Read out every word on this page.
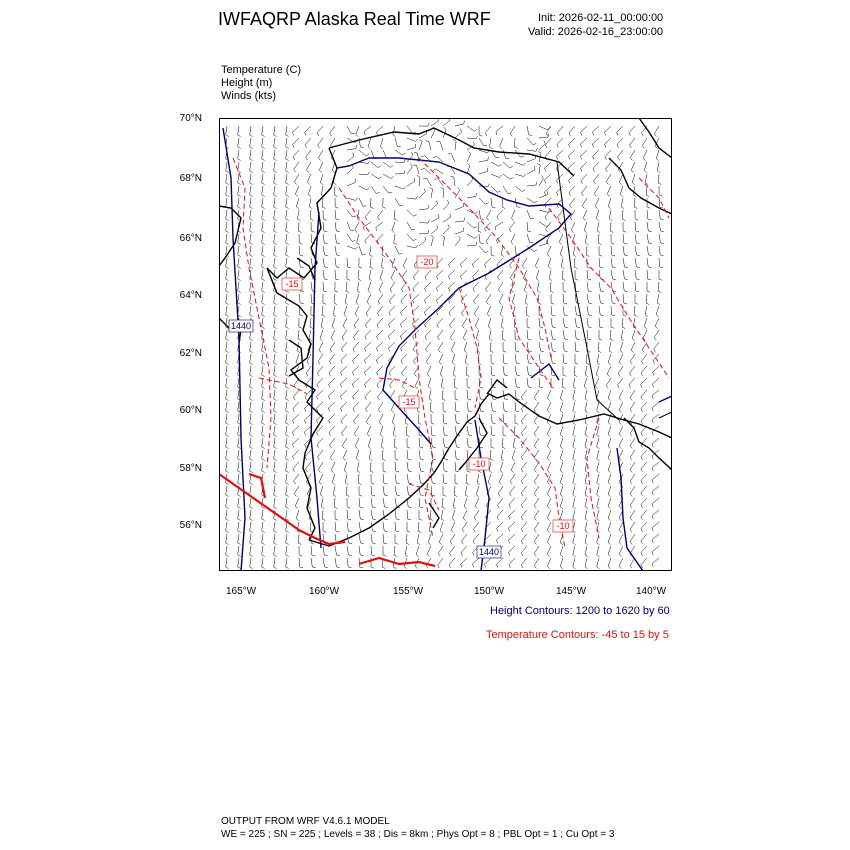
IWFAQRP Alaska Real Time WRF	Init: 2026-02-11_00:00:00
Valid: 2026-02-16_23:00:00
Temperature (C)
Height (m)
Winds (kts)
70°N
68°N
66°N
64°N
62°N
60°N
58°N
56°N
165°W	160°W	155°W	150°W	145°W	140°W
-20
-15
-15
-10
-10
1440
1440
Height Contours: 1200 to 1620 by 60
Temperature Contours: -45 to 15 by 5
OUTPUT FROM WRF V4.6.1 MODEL
WE = 225 ; SN = 225 ; Levels = 38 ; Dis = 8km ; Phys Opt = 8 ; PBL Opt = 1 ; Cu Opt = 3
